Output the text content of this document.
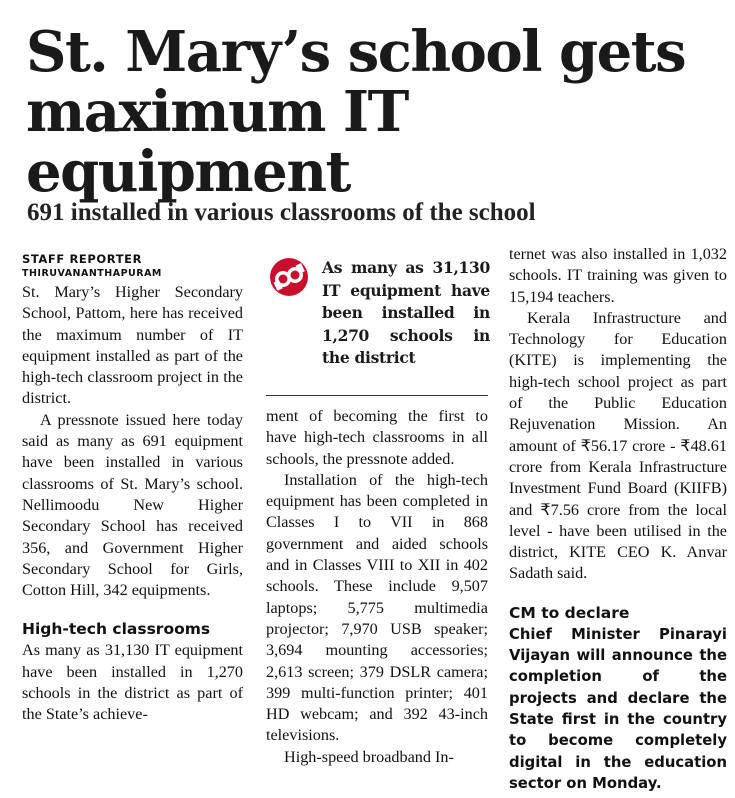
St. Mary’s school gets maximum IT equipment
691 installed in various classrooms of the school
STAFF REPORTER
THIRUVANANTHAPURAM

St. Mary’s Higher Secondary School, Pattom, here has received the maximum number of IT equipment installed as part of the high-tech classroom project in the district.

A pressnote issued here today said as many as 691 equipment have been installed in various classrooms of St. Mary’s school. Nellimoodu New Higher Secondary School has received 356, and Government Higher Secondary School for Girls, Cotton Hill, 342 equipments.

High-tech classrooms

As many as 31,130 IT equipment have been installed in 1,270 schools in the district as part of the State’s achieve-

As many as 31,130 IT equipment have been installed in 1,270 schools in the district

ment of becoming the first to have high-tech classrooms in all schools, the pressnote added.

Installation of the high-tech equipment has been completed in Classes I to VII in 868 government and aided schools and in Classes VIII to XII in 402 schools. These include 9,507 laptops; 5,775 multimedia projector; 7,970 USB speaker; 3,694 mounting accessories; 2,613 screen; 379 DSLR camera; 399 multi-function printer; 401 HD webcam; and 392 43-inch televisions.

High-speed broadband In-

ternet was also installed in 1,032 schools. IT training was given to 15,194 teachers.

Kerala Infrastructure and Technology for Education (KITE) is implementing the high-tech school project as part of the Public Education Rejuvenation Mission. An amount of ₹56.17 crore - ₹48.61 crore from Kerala Infrastructure Investment Fund Board (KIIFB) and ₹7.56 crore from the local level - have been utilised in the district, KITE CEO K. Anvar Sadath said.

CM to declare

Chief Minister Pinarayi Vijayan will announce the completion of the projects and declare the State first in the country to become completely digital in the education sector on Monday.
